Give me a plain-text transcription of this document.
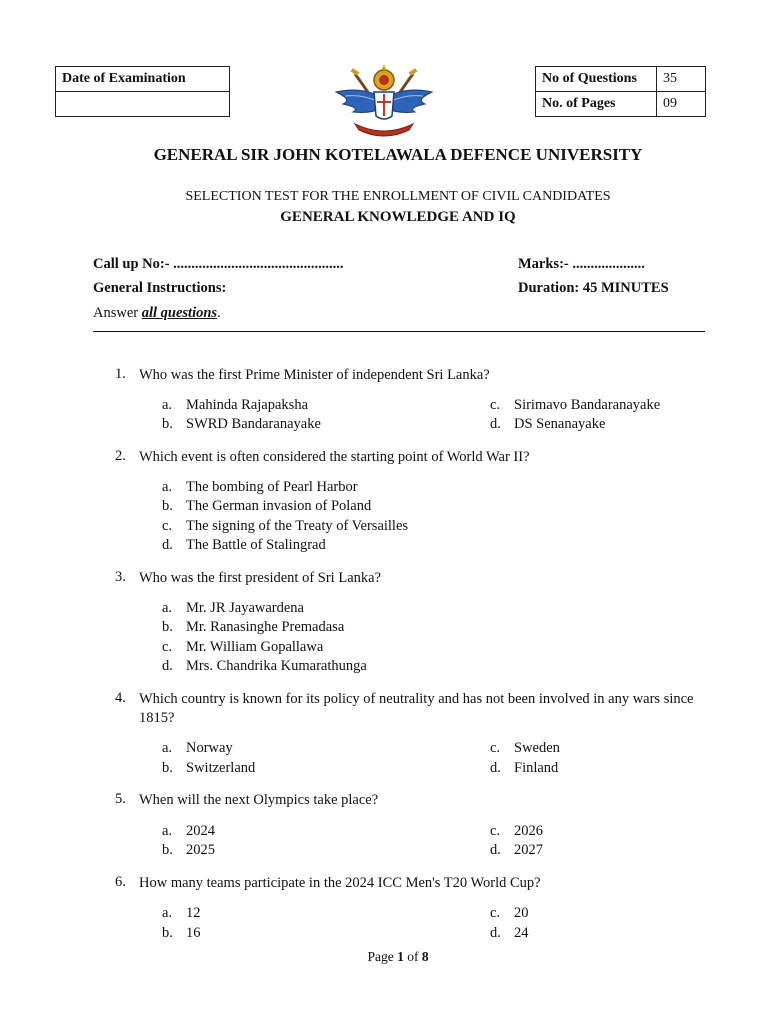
Date of Examination	No of Questions	35
No. of Pages	09
GENERAL SIR JOHN KOTELAWALA DEFENCE UNIVERSITY
SELECTION TEST FOR THE ENROLLMENT OF CIVIL CANDIDATES
GENERAL KNOWLEDGE AND IQ
Call up No:- ...............................................	Marks:- ....................
General Instructions:	Duration: 45 MINUTES
Answer all questions.
1. Who was the first Prime Minister of independent Sri Lanka?
a. Mahinda Rajapaksha
b. SWRD Bandaranayake
c. Sirimavo Bandaranayake
d. DS Senanayake
2. Which event is often considered the starting point of World War II?
a. The bombing of Pearl Harbor
b. The German invasion of Poland
c. The signing of the Treaty of Versailles
d. The Battle of Stalingrad
3. Who was the first president of Sri Lanka?
a. Mr. JR Jayawardena
b. Mr. Ranasinghe Premadasa
c. Mr. William Gopallawa
d. Mrs. Chandrika Kumarathunga
4. Which country is known for its policy of neutrality and has not been involved in any wars since 1815?
a. Norway
b. Switzerland
c. Sweden
d. Finland
5. When will the next Olympics take place?
a. 2024
b. 2025
c. 2026
d. 2027
6. How many teams participate in the 2024 ICC Men's T20 World Cup?
a. 12
b. 16
c. 20
d. 24
Page 1 of 8
